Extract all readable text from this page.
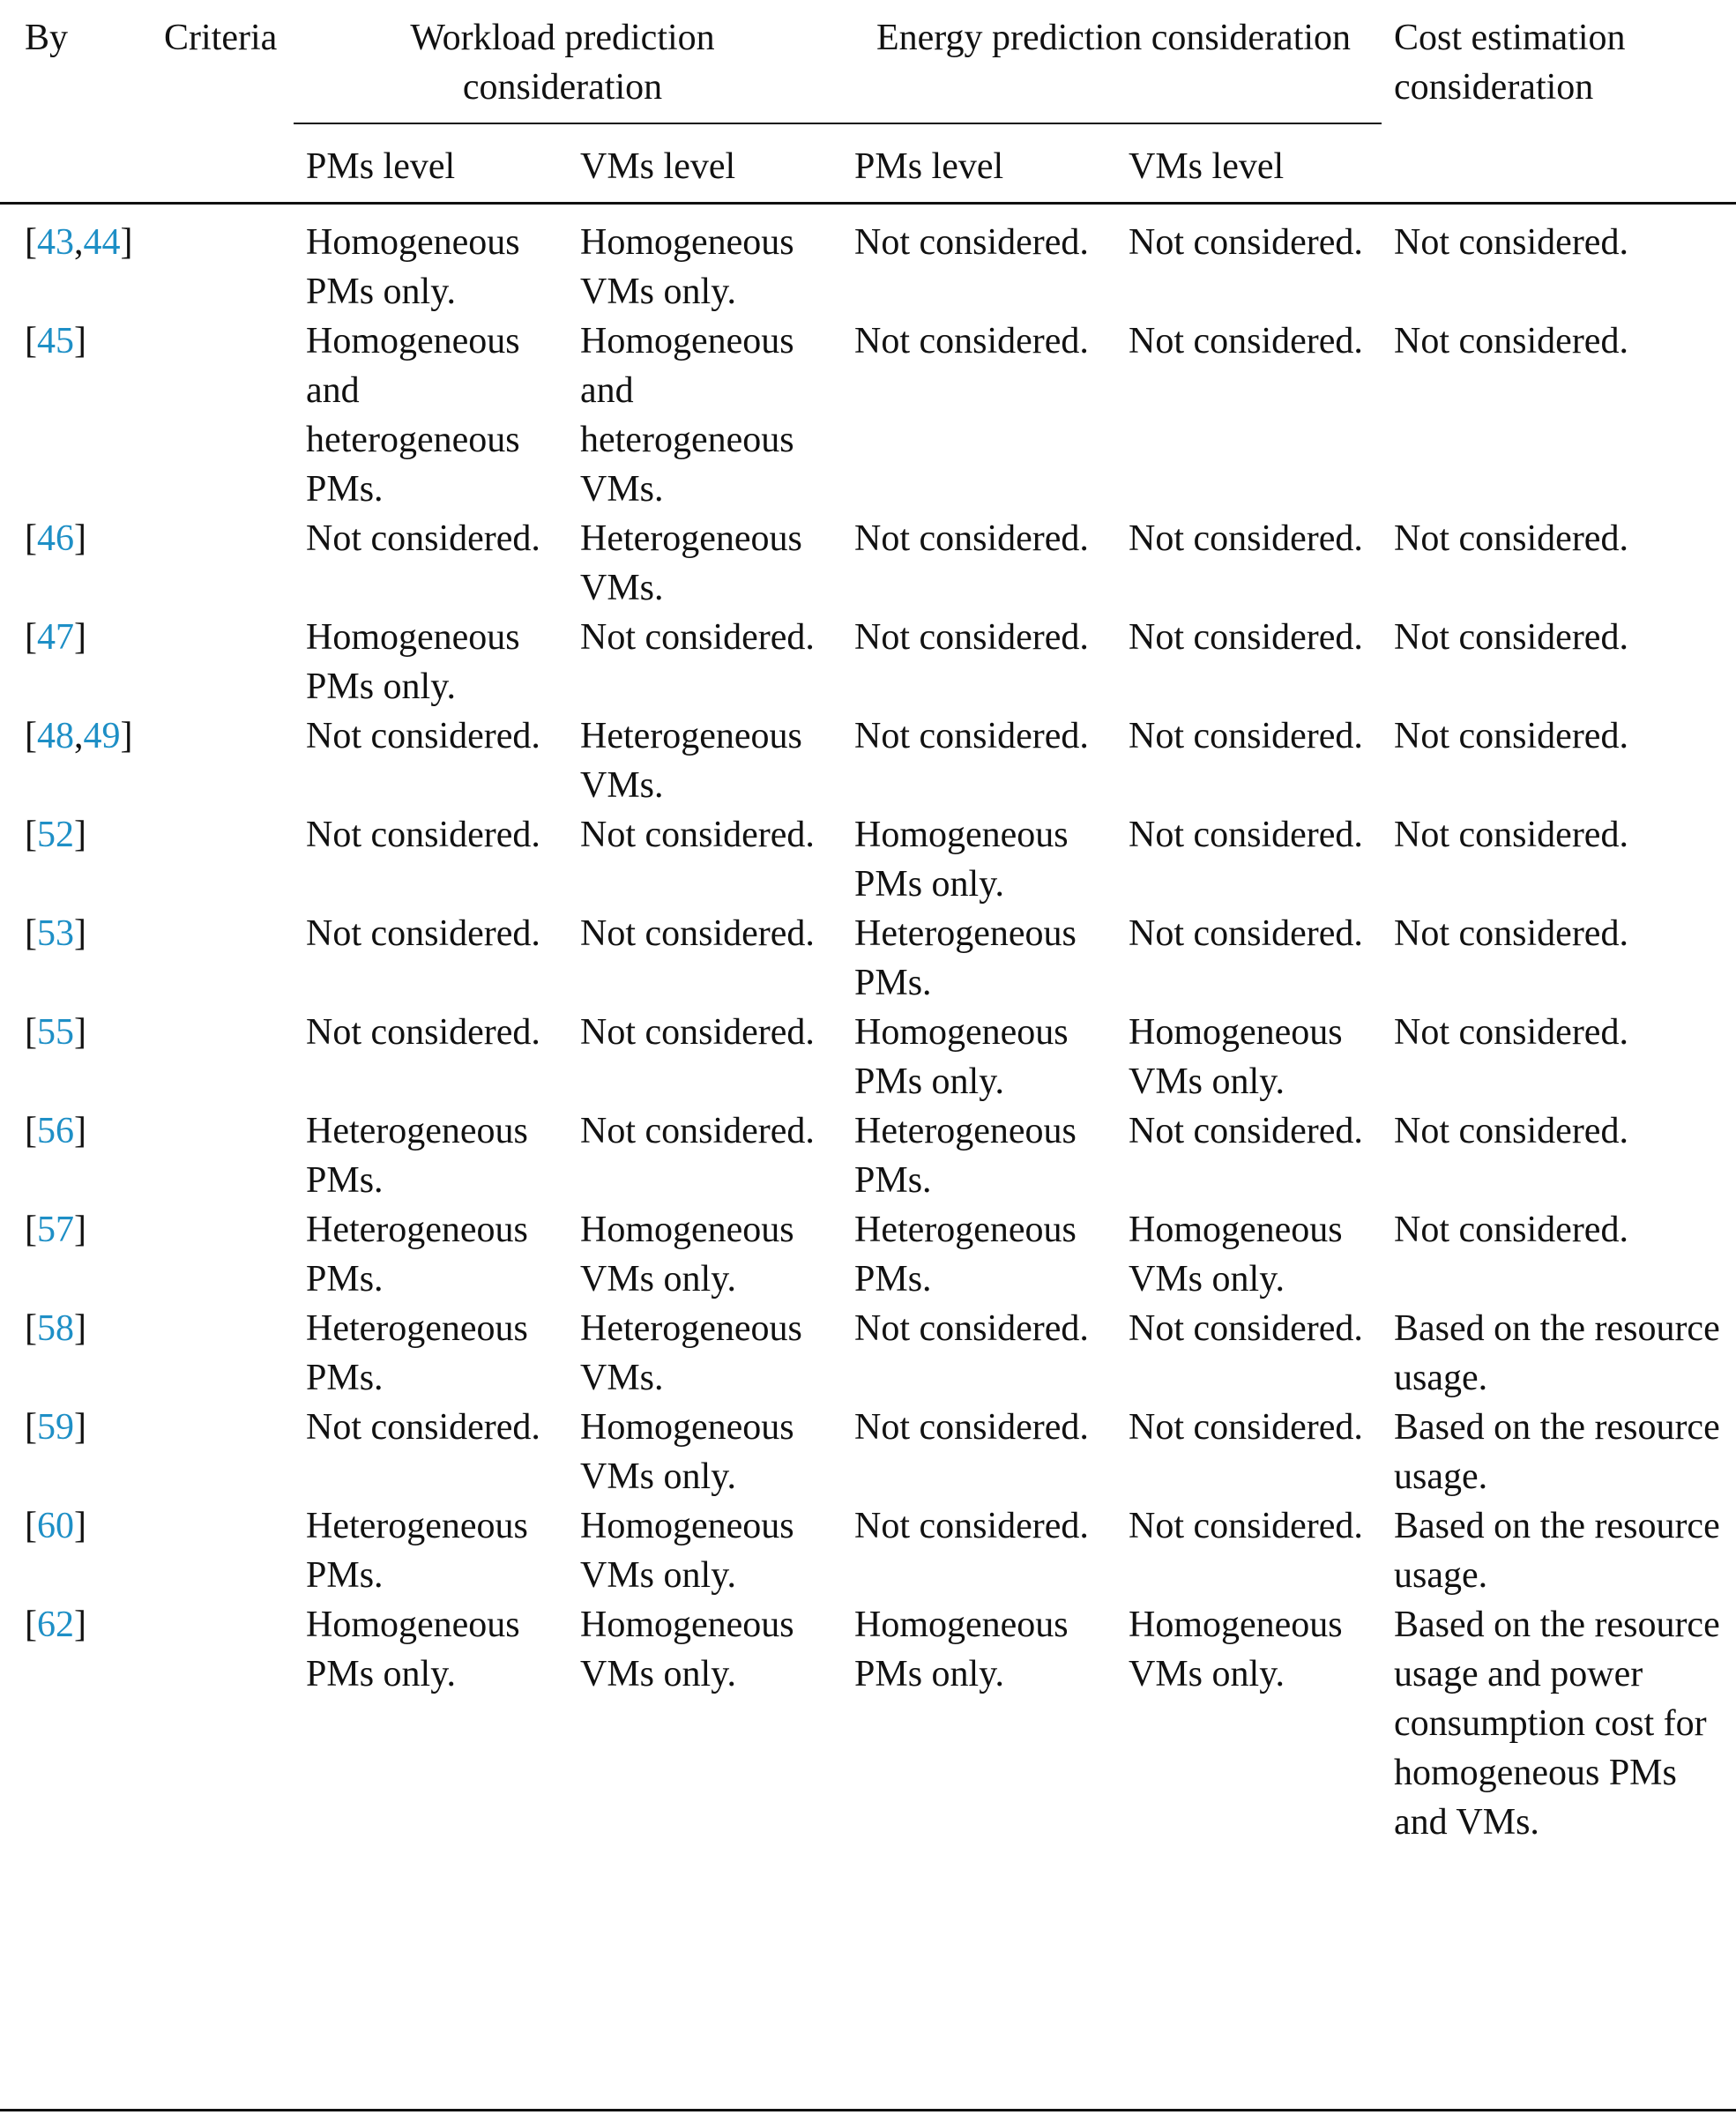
By	Criteria	Workload prediction consideration		Energy prediction consideration		Cost estimation consideration
		PMs level	VMs level	PMs level	VMs level	
[43,44]		Homogeneous PMs only.	Homogeneous VMs only.	Not considered.	Not considered.	Not considered.
[45]		Homogeneous and heterogeneous PMs.	Homogeneous and heterogeneous VMs.	Not considered.	Not considered.	Not considered.
[46]		Not considered.	Heterogeneous VMs.	Not considered.	Not considered.	Not considered.
[47]		Homogeneous PMs only.	Not considered.	Not considered.	Not considered.	Not considered.
[48,49]		Not considered.	Heterogeneous VMs.	Not considered.	Not considered.	Not considered.
[52]		Not considered.	Not considered.	Homogeneous PMs only.	Not considered.	Not considered.
[53]		Not considered.	Not considered.	Heterogeneous PMs.	Not considered.	Not considered.
[55]		Not considered.	Not considered.	Homogeneous PMs only.	Homogeneous VMs only.	Not considered.
[56]		Heterogeneous PMs.	Not considered.	Heterogeneous PMs.	Not considered.	Not considered.
[57]		Heterogeneous PMs.	Homogeneous VMs only.	Heterogeneous PMs.	Homogeneous VMs only.	Not considered.
[58]		Heterogeneous PMs.	Heterogeneous VMs.	Not considered.	Not considered.	Based on the resource usage.
[59]		Not considered.	Homogeneous VMs only.	Not considered.	Not considered.	Based on the resource usage.
[60]		Heterogeneous PMs.	Homogeneous VMs only.	Not considered.	Not considered.	Based on the resource usage.
[62]		Homogeneous PMs only.	Homogeneous VMs only.	Homogeneous PMs only.	Homogeneous VMs only.	Based on the resource usage and power consumption cost for homogeneous PMs and VMs.
